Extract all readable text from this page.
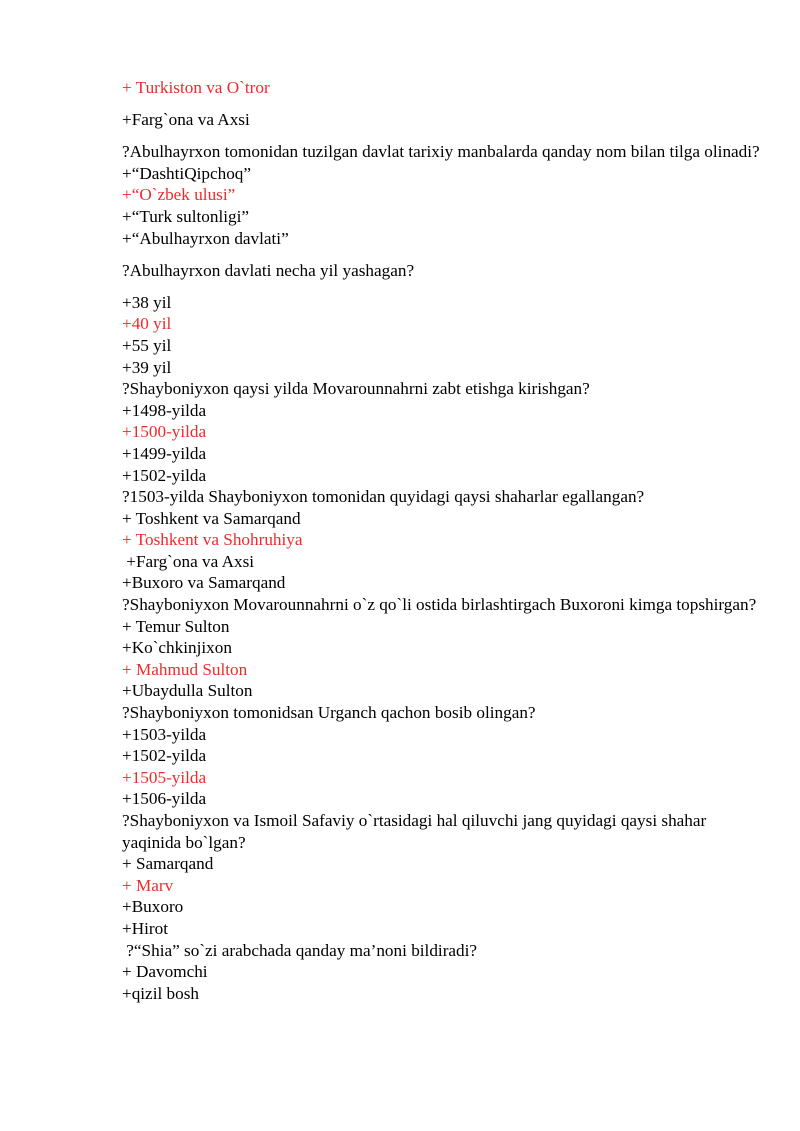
+ Turkiston va O`tror

+Farg`ona va Axsi

?Abulhayrxon tomonidan tuzilgan davlat tarixiy manbalarda qanday nom bilan tilga olinadi?

+“DashtiQipchoq”

+“O`zbek ulusi”

+“Turk sultonligi”

+“Abulhayrxon davlati”

?Abulhayrxon davlati necha yil yashagan?

+38 yil

+40 yil

+55 yil

+39 yil

?Shayboniyxon qaysi yilda Movarounnahrni zabt etishga kirishgan?

+1498-yilda

+1500-yilda

+1499-yilda

+1502-yilda

?1503-yilda Shayboniyxon tomonidan quyidagi qaysi shaharlar egallangan?

+ Toshkent va Samarqand

+ Toshkent va Shohruhiya

+Farg`ona va Axsi

+Buxoro va Samarqand

?Shayboniyxon Movarounnahrni o`z qo`li ostida birlashtirgach Buxoroni kimga topshirgan?

+ Temur Sulton

+Ko`chkinjixon

+ Mahmud Sulton

+Ubaydulla Sulton

?Shayboniyxon tomonidsan Urganch qachon bosib olingan?

+1503-yilda

+1502-yilda

+1505-yilda

+1506-yilda

?Shayboniyxon va Ismoil Safaviy o`rtasidagi hal qiluvchi jang quyidagi qaysi shahar yaqinida bo`lgan?

+ Samarqand

+ Marv

+Buxoro

+Hirot

?“Shia” so`zi arabchada qanday ma’noni bildiradi?

+ Davomchi

+qizil bosh
